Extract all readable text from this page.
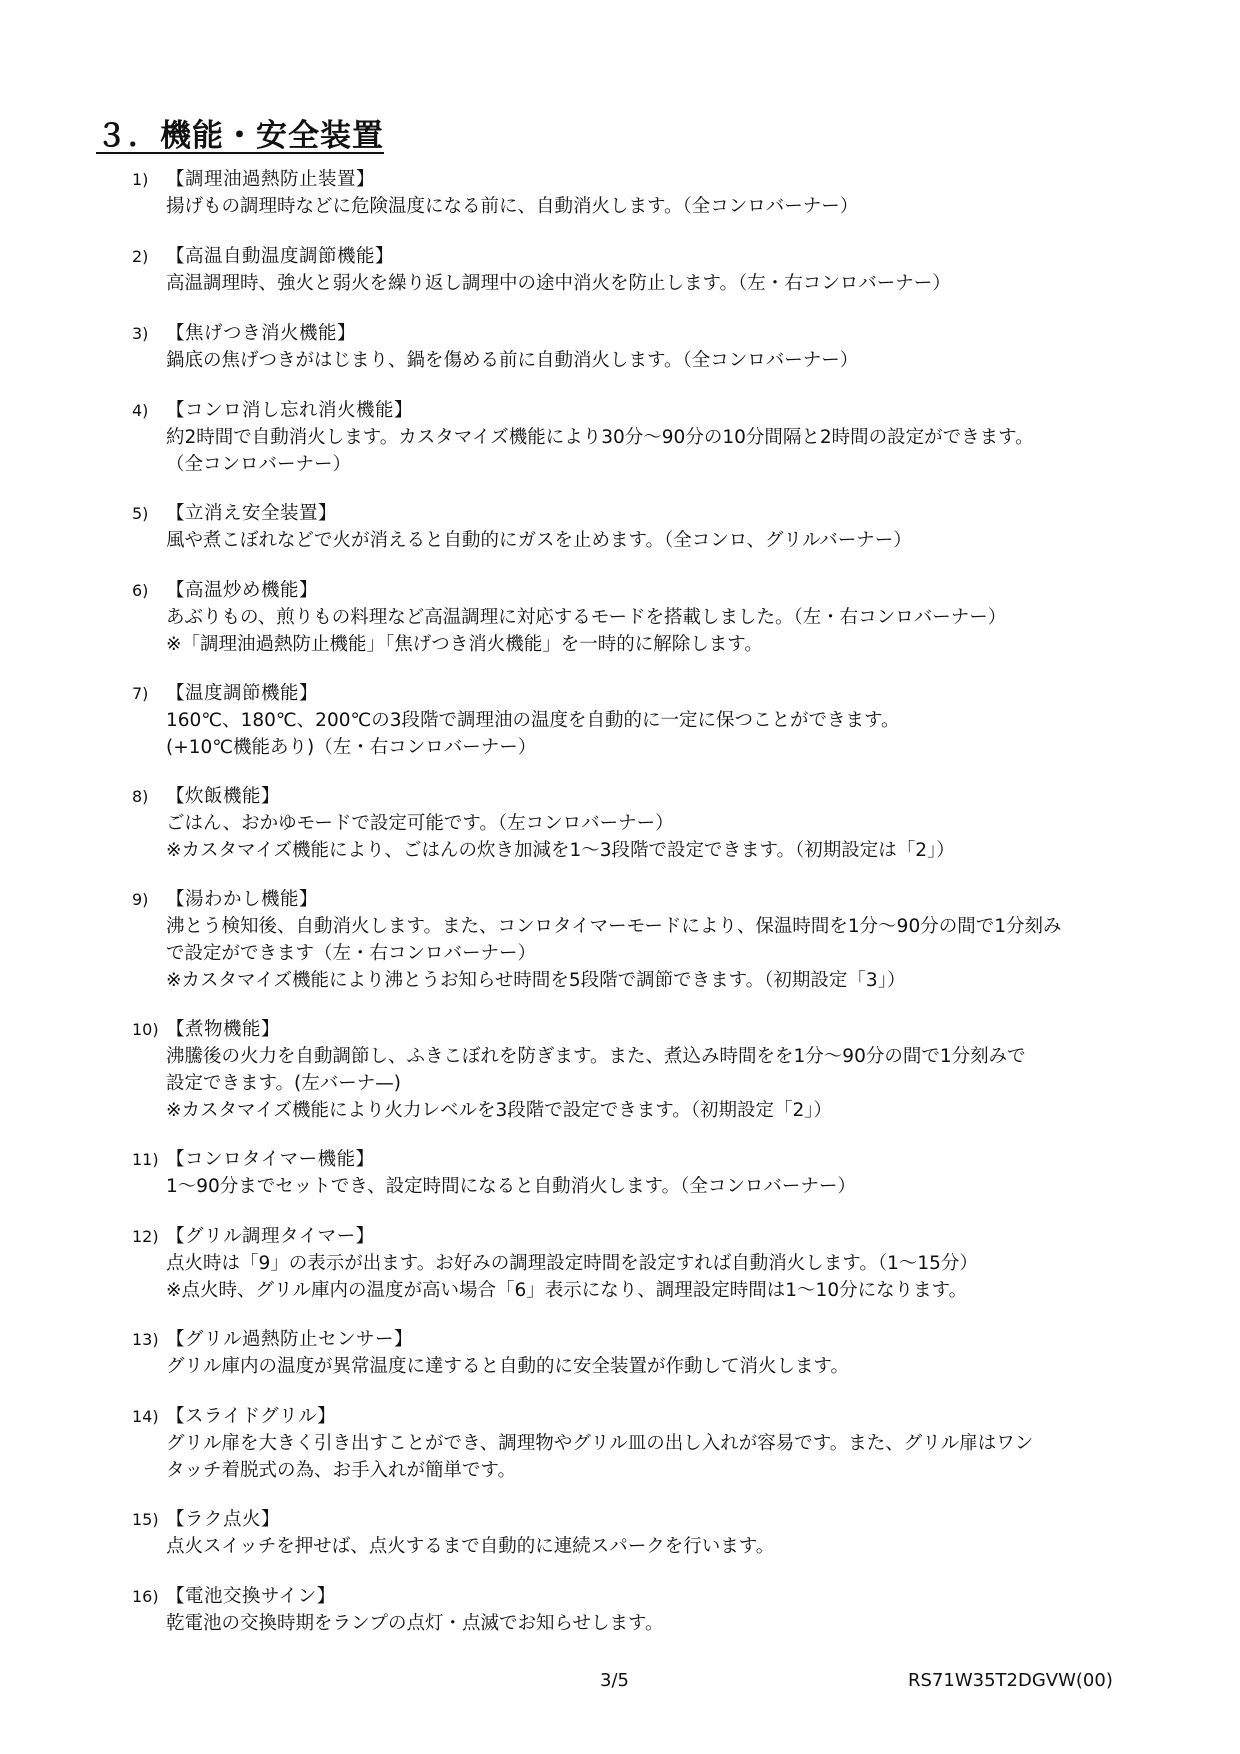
３．機能・安全装置
1) 【調理油過熱防止装置】
揚げもの調理時などに危険温度になる前に、自動消火します。（全コンロバーナー）
2) 【高温自動温度調節機能】
高温調理時、強火と弱火を繰り返し調理中の途中消火を防止します。（左・右コンロバーナー）
3) 【焦げつき消火機能】
鍋底の焦げつきがはじまり、鍋を傷める前に自動消火します。（全コンロバーナー）
4) 【コンロ消し忘れ消火機能】
約2時間で自動消火します。カスタマイズ機能により30分～90分の10分間隔と2時間の設定ができます。
（全コンロバーナー）
5) 【立消え安全装置】
風や煮こぼれなどで火が消えると自動的にガスを止めます。（全コンロ、グリルバーナー）
6) 【高温炒め機能】
あぶりもの、煎りもの料理など高温調理に対応するモードを搭載しました。（左・右コンロバーナー）
※「調理油過熱防止機能」「焦げつき消火機能」を一時的に解除します。
7) 【温度調節機能】
160℃、180℃、200℃の3段階で調理油の温度を自動的に一定に保つことができます。
(+10℃機能あり)（左・右コンロバーナー）
8) 【炊飯機能】
ごはん、おかゆモードで設定可能です。（左コンロバーナー）
※カスタマイズ機能により、ごはんの炊き加減を1～3段階で設定できます。（初期設定は「2」）
9) 【湯わかし機能】
沸とう検知後、自動消火します。また、コンロタイマーモードにより、保温時間を1分～90分の間で1分刻み
で設定ができます（左・右コンロバーナー）
※カスタマイズ機能により沸とうお知らせ時間を5段階で調節できます。（初期設定「3」）
10) 【煮物機能】
沸騰後の火力を自動調節し、ふきこぼれを防ぎます。また、煮込み時間をを1分～90分の間で1分刻みで
設定できます。(左バーナ—)
※カスタマイズ機能により火力レベルを3段階で設定できます。（初期設定「2」）
11) 【コンロタイマー機能】
1～90分までセットでき、設定時間になると自動消火します。（全コンロバーナー）
12) 【グリル調理タイマー】
点火時は「9」の表示が出ます。お好みの調理設定時間を設定すれば自動消火します。（1～15分）
※点火時、グリル庫内の温度が高い場合「6」表示になり、調理設定時間は1～10分になります。
13) 【グリル過熱防止センサー】
グリル庫内の温度が異常温度に達すると自動的に安全装置が作動して消火します。
14) 【スライドグリル】
グリル扉を大きく引き出すことができ、調理物やグリル皿の出し入れが容易です。また、グリル扉はワン
タッチ着脱式の為、お手入れが簡単です。
15) 【ラク点火】
点火スイッチを押せば、点火するまで自動的に連続スパークを行います。
16) 【電池交換サイン】
乾電池の交換時期をランプの点灯・点滅でお知らせします。
3/5	RS71W35T2DGVW(00)
